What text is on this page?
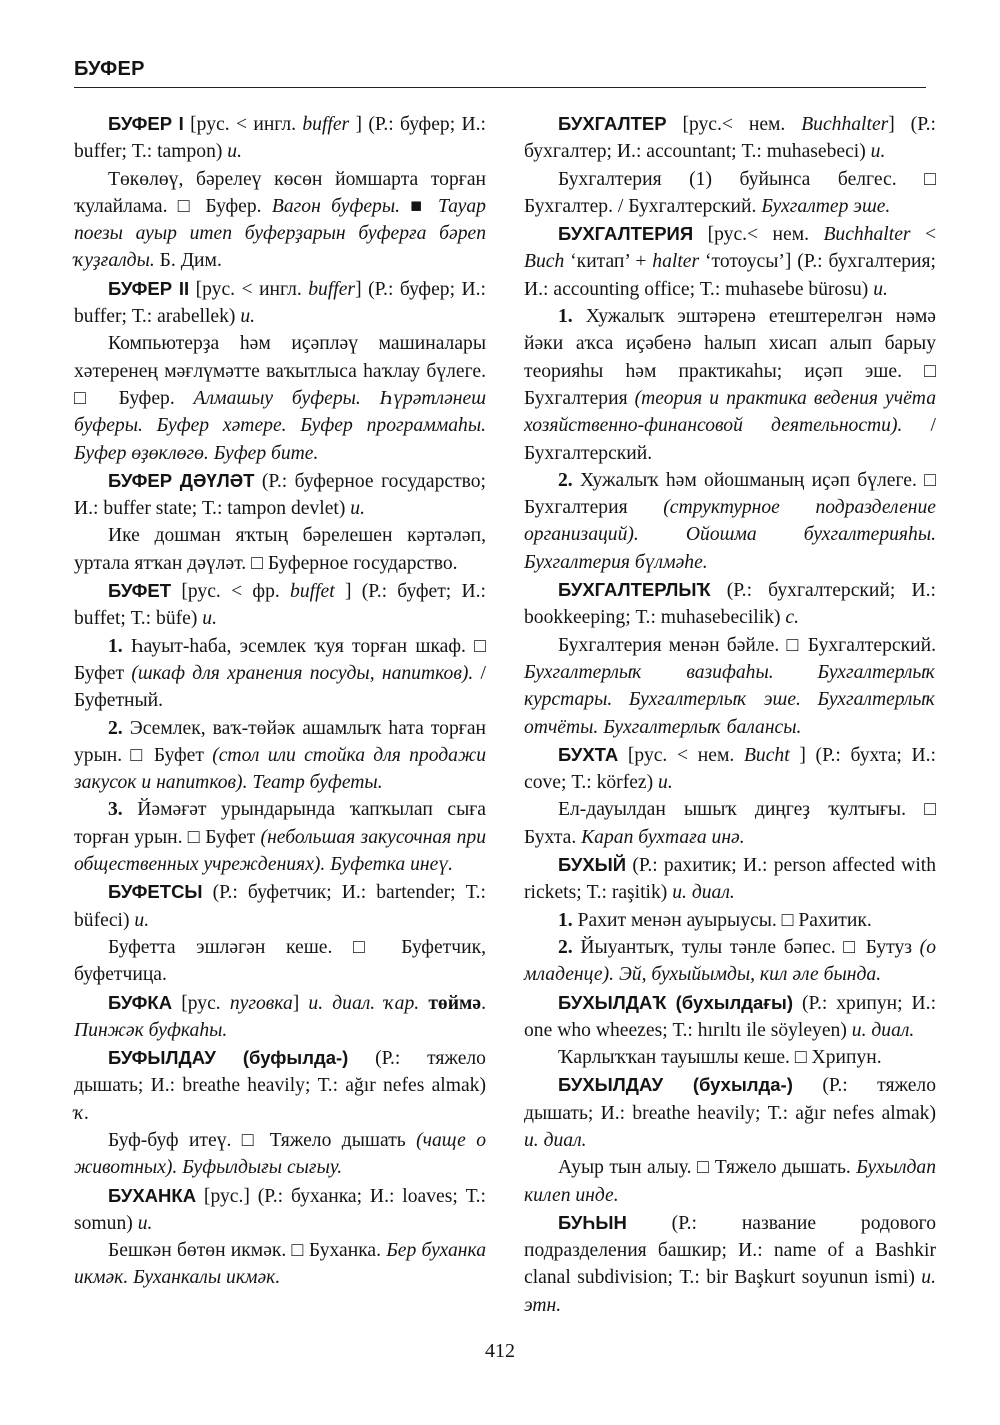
БУФЕР

БУФЕР I [рус. < ингл. buffer ] (Р.: буфер; И.: buffer; Т.: tampon) и.

Төкөлөү, бәрелеү көсөн йомшарта торған ҡулайлама. □ Буфер. Вагон буферы. ■ Тауар поезы ауыр итеп буферҙарын буферға бәреп ҡуҙғалды. Б. Дим.

БУФЕР II [рус. < ингл. buffer] (Р.: буфер; И.: buffer; Т.: arabellek) и.

Компьютерҙа һәм иҫәпләү машиналары хәтеренең мәғлүмәтте ваҡытлыса һаҡлау бүлеге. □ Буфер. Алмашыу буферы. Һүрәтләнеш буферы. Буфер хәтере. Буфер программаһы. Буфер өҙөклөгө. Буфер бите.

БУФЕР ДӘҮЛӘТ (Р.: буферное государство; И.: buffer state; Т.: tampon devlet) и.

Ике дошман яҡтың бәрелешен кәртәләп, уртала ятҡан дәүләт. □ Буферное государство.

БУФЕТ [рус. < фр. buffet ] (Р.: буфет; И.: buffet; Т.: büfe) и.

1. Һауыт-һаба, эсемлек ҡуя торған шкаф. □ Буфет (шкаф для хранения посуды, напитков). /Буфетный.

2. Эсемлек, ваҡ-төйәк ашамлыҡ һата торған урын. □ Буфет (стол или стойка для продажи закусок и напитков). Театр буфеты.

3. Йәмәғәт урындарында ҡапҡылап сыға торған урын. □ Буфет (небольшая закусочная при общественных учреждениях). Буфетка инеү.

БУФЕТСЫ (Р.: буфетчик; И.: bartender; Т.: büfeci) и.

Буфетта эшләгән кеше. □ Буфетчик, буфетчица.

БУФКА [рус. пуговка] и. диал. ҡар. төймә. Пинжәк буфкаһы.

БУФЫЛДАУ (буфылда-) (Р.: тяжело дышать; И.: breathe heavily; Т.: ağır nefes almak) ҡ.

Буф-буф итеү. □ Тяжело дышать (чаще о животных). Буфылдығы сығыу.

БУХАНКА [рус.] (Р.: буханка; И.: loaves; Т.: somun) и.

Бешкән бөтөн икмәк. □ Буханка. Бер буханка икмәк. Буханкалы икмәк.

БУХГАЛТЕР [рус.< нем. Buchhalter] (Р.: бухгалтер; И.: accountant; Т.: muhasebeci) и.

Бухгалтерия (1) буйынса белгес. □ Бухгалтер. / Бухгалтерский. Бухгалтер эше.

БУХГАЛТЕРИЯ [рус.< нем. Buchhalter < Buch ‘китап’ + halter ‘тотоусы’] (Р.: бухгалтерия; И.: accounting office; Т.: muhasebe bürosu) и.

1. Хужалыҡ эштәренә етештерелгән нәмә йәки аҡса иҫәбенә һалып хисап алып барыу теорияһы һәм практикаһы; иҫәп эше. □ Бухгалтерия (теория и практика ведения учёта хозяйственно-финансовой деятельности). / Бухгалтерский.

2. Хужалыҡ һәм ойошманың иҫәп бүлеге. □ Бухгалтерия (структурное подразделение организаций). Ойошма бухгалтерияһы. Бухгалтерия бүлмәһе.

БУХГАЛТЕРЛЫҠ (Р.: бухгалтерский; И.: bookkeeping; Т.: muhasebecilik) с.

Бухгалтерия менән бәйле. □ Бухгалтерский. Бухгалтерлыҡ вазифаһы. Бухгалтерлыҡ курстары. Бухгалтерлыҡ эше. Бухгалтерлыҡ отчёты. Бухгалтерлыҡ балансы.

БУХТА [рус. < нем. Bucht ] (Р.: бухта; И.: cove; Т.: körfez) и.

Ел-дауылдан ышыҡ диңгеҙ ҡултығы. □ Бухта. Карап бухтаға инә.

БУХЫЙ (Р.: рахитик; И.: person affected with rickets; Т.: raşitik) и. диал.

1. Рахит менән ауырыусы. □ Рахитик.

2. Йыуантыҡ, тулы тәнле бәпес. □ Бутуз (о младенце). Эй, бухыйымды, кил әле бында.

БУХЫЛДАҠ (бухылдағы) (Р.: хрипун; И.: one who wheezes; Т.: hırıltı ile söyleyen) и. диал.

Ҡарлыҡҡан тауышлы кеше. □ Хрипун.

БУХЫЛДАУ (бухылда-) (Р.: тяжело дышать; И.: breathe heavily; Т.: ağır nefes almak) и. диал.

Ауыр тын алыу. □ Тяжело дышать. Бухылдап килеп инде.

БУҺЫН (Р.: название родового подразделения башкир; И.: name of a Bashkir clanal subdivision; Т.: bir Başkurt soyunun ismi) и. этн.

412
